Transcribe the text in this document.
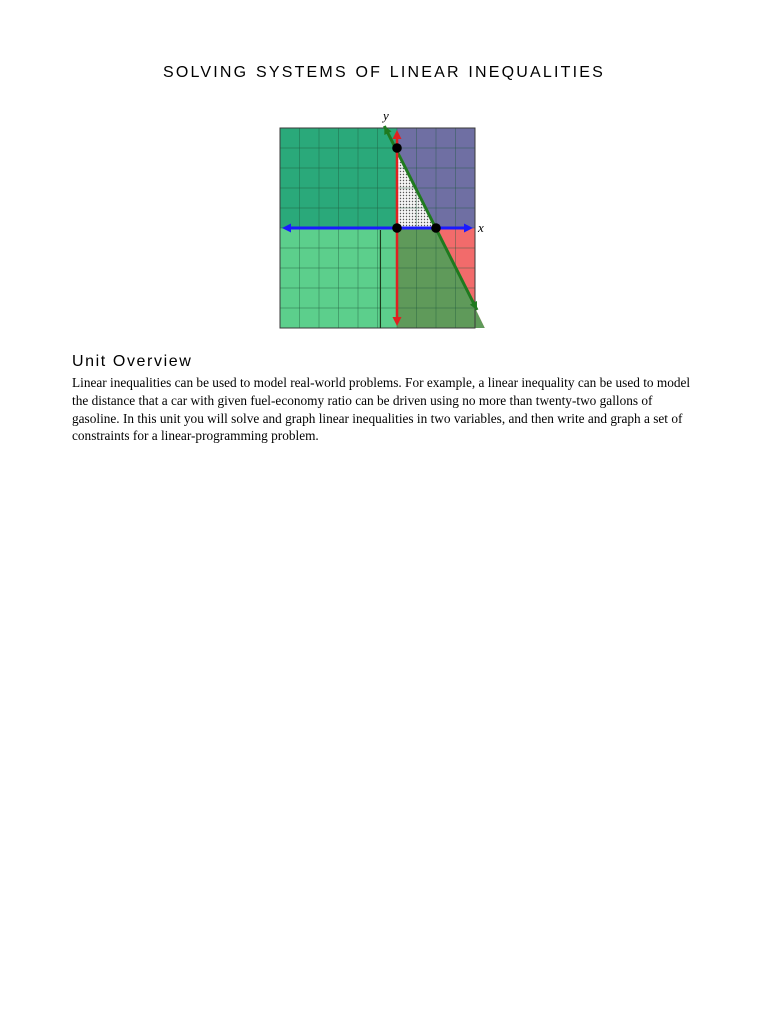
SOLVING SYSTEMS OF LINEAR INEQUALITIES
x
y
Unit Overview

Linear inequalities can be used to model real-world problems. For example, a linear inequality can be used to model the distance that a car with given fuel-economy ratio can be driven using no more than twenty-two gallons of gasoline. In this unit you will solve and graph linear inequalities in two variables, and then write and graph a set of constraints for a linear-programming problem.
